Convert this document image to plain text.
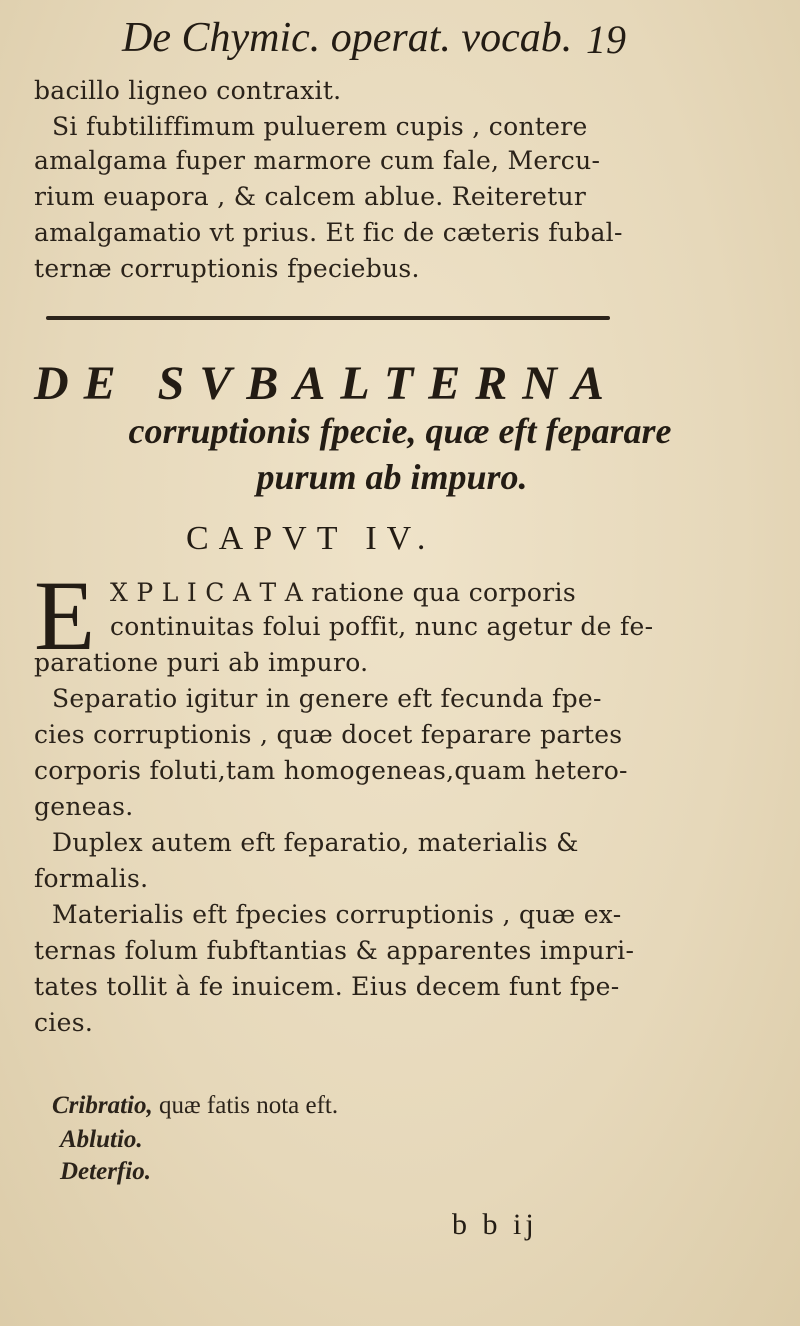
De Chymic. operat. vocab. 19
bacillo ligneo contraxit.
Si fubtiliffimum puluerem cupis , contere
amalgama fuper marmore cum fale, Mercu-
rium euapora , & calcem ablue. Reiteretur
amalgamatio vt prius. Et fic de cæteris fubal-
ternæ corruptionis fpeciebus.
DE SVBALTERNA
corruptionis fpecie, quæ eft feparare
purum ab impuro.
CAPVT IV.
E X P L I C A T A ratione qua corporis
continuitas folui poffit, nunc agetur de fe-
paratione puri ab impuro.
Separatio igitur in genere eft fecunda fpe-
cies corruptionis , quæ docet feparare partes
corporis foluti,tam homogeneas,quam hetero-
geneas.
Duplex autem eft feparatio, materialis &
formalis.
Materialis eft fpecies corruptionis , quæ ex-
ternas folum fubftantias & apparentes impuri-
tates tollit à fe inuicem. Eius decem funt fpe-
cies.
Cribratio, quæ fatis nota eft.
Ablutio.
Deterfio.
b b ij
